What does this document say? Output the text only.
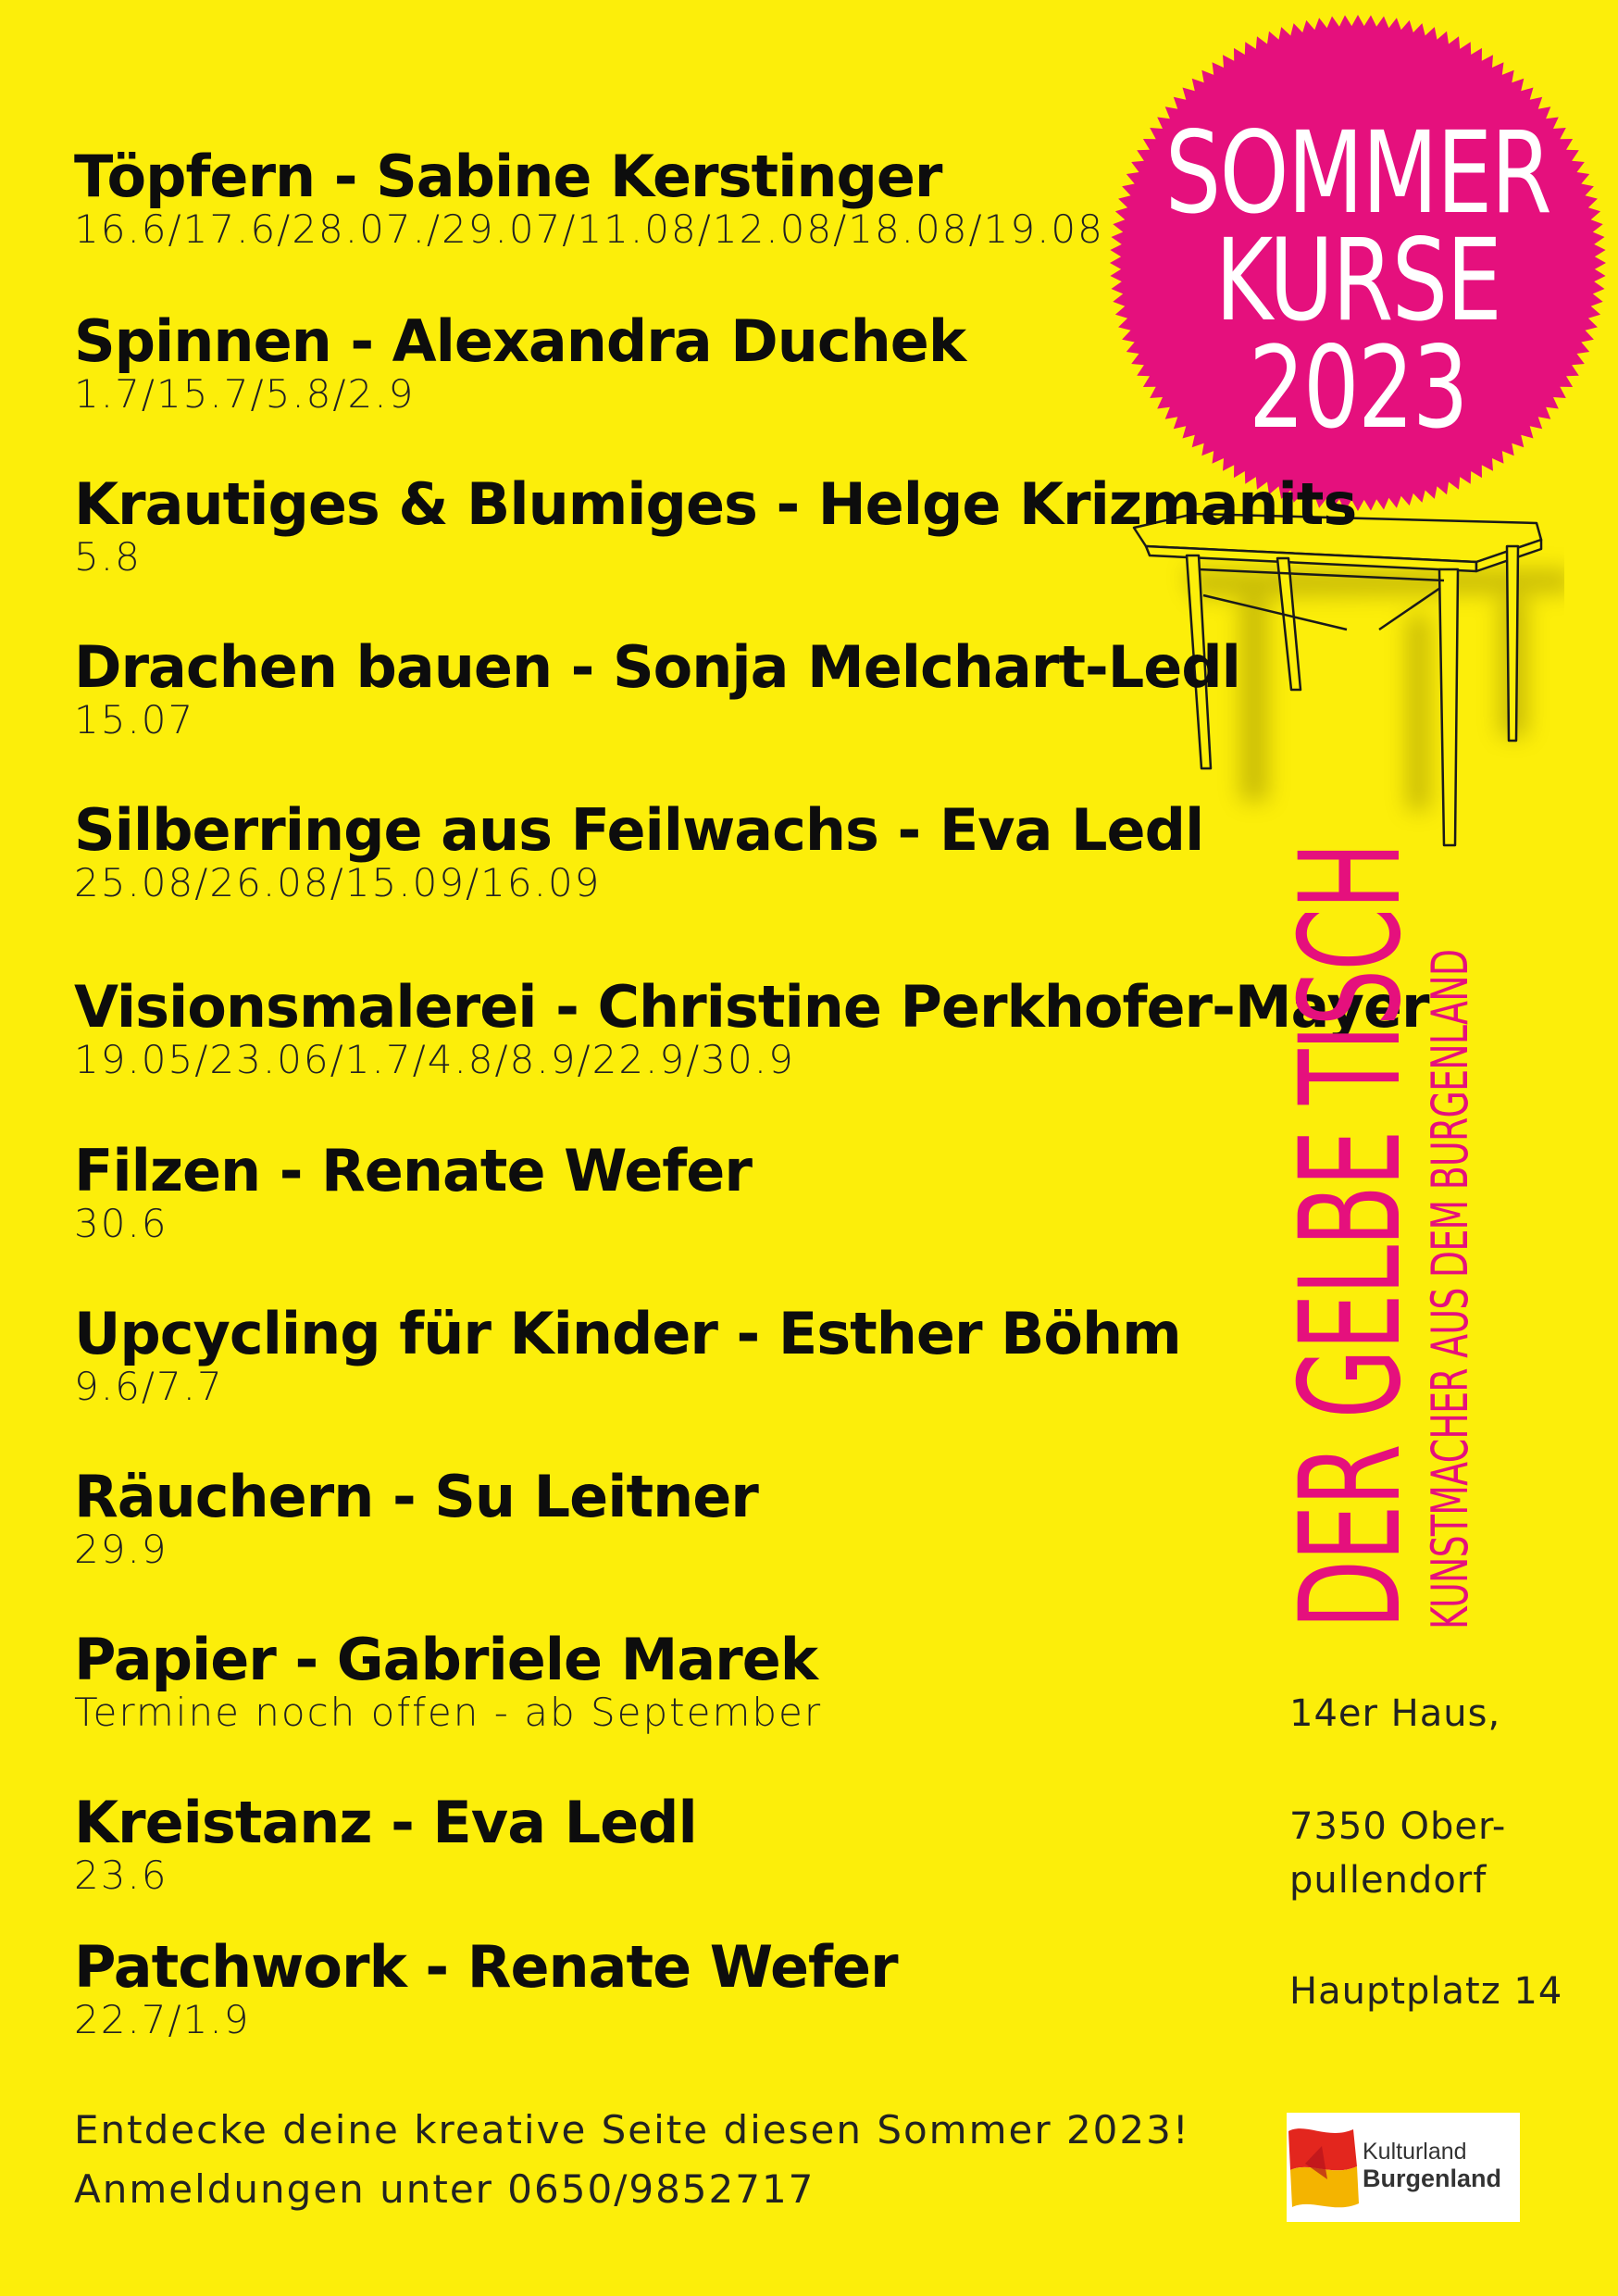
SOMMER
KURSE
2023
Töpfern - Sabine Kerstinger
16.6/17.6/28.07./29.07/11.08/12.08/18.08/19.08
Spinnen - Alexandra Duchek
1.7/15.7/5.8/2.9
Krautiges & Blumiges - Helge Krizmanits
5.8
Drachen bauen - Sonja Melchart-Ledl
15.07
Silberringe aus Feilwachs - Eva Ledl
25.08/26.08/15.09/16.09
Visionsmalerei - Christine Perkhofer-Mayer
19.05/23.06/1.7/4.8/8.9/22.9/30.9
Filzen - Renate Wefer
30.6
Upcycling für Kinder - Esther Böhm
9.6/7.7
Räuchern - Su Leitner
29.9
Papier - Gabriele Marek
Termine noch offen - ab September
Kreistanz - Eva Ledl
23.6
Patchwork - Renate Wefer
22.7/1.9
DER GELBE TISCH
KUNSTMACHER AUS DEM BURGENLAND
14er Haus,
7350 Ober-
pullendorf
Hauptplatz 14
Entdecke deine kreative Seite diesen Sommer 2023!
Anmeldungen unter 0650/9852717
Kulturland
Burgenland
